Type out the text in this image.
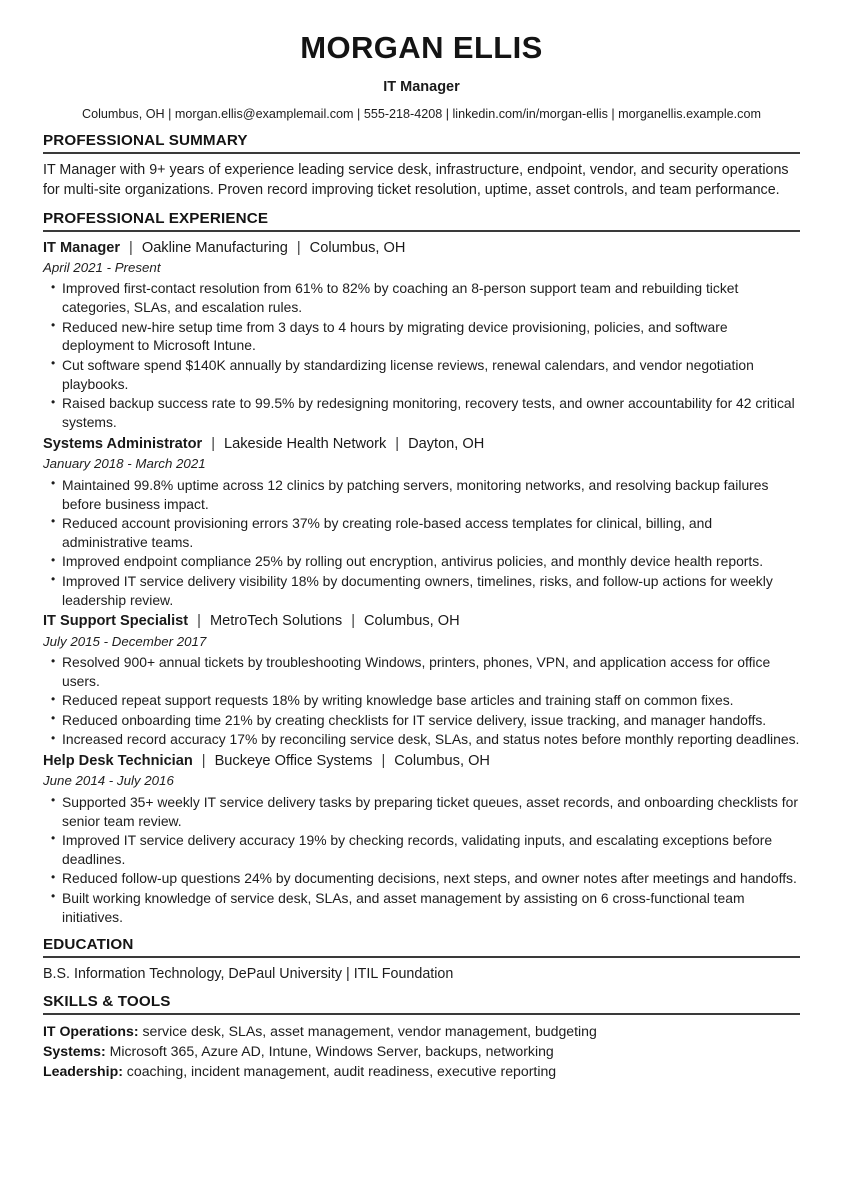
MORGAN ELLIS
IT Manager
Columbus, OH | morgan.ellis@examplemail.com | 555-218-4208 | linkedin.com/in/morgan-ellis | morganellis.example.com
PROFESSIONAL SUMMARY

IT Manager with 9+ years of experience leading service desk, infrastructure, endpoint, vendor, and security operations for multi-site organizations. Proven record improving ticket resolution, uptime, asset controls, and team performance.

PROFESSIONAL EXPERIENCE
IT Manager | Oakline Manufacturing | Columbus, OH
April 2021 - Present
• Improved first-contact resolution from 61% to 82% by coaching an 8-person support team and rebuilding ticket categories, SLAs, and escalation rules.
• Reduced new-hire setup time from 3 days to 4 hours by migrating device provisioning, policies, and software deployment to Microsoft Intune.
• Cut software spend $140K annually by standardizing license reviews, renewal calendars, and vendor negotiation playbooks.
• Raised backup success rate to 99.5% by redesigning monitoring, recovery tests, and owner accountability for 42 critical systems.
Systems Administrator | Lakeside Health Network | Dayton, OH
January 2018 - March 2021
• Maintained 99.8% uptime across 12 clinics by patching servers, monitoring networks, and resolving backup failures before business impact.
• Reduced account provisioning errors 37% by creating role-based access templates for clinical, billing, and administrative teams.
• Improved endpoint compliance 25% by rolling out encryption, antivirus policies, and monthly device health reports.
• Improved IT service delivery visibility 18% by documenting owners, timelines, risks, and follow-up actions for weekly leadership review.
IT Support Specialist | MetroTech Solutions | Columbus, OH
July 2015 - December 2017
• Resolved 900+ annual tickets by troubleshooting Windows, printers, phones, VPN, and application access for office users.
• Reduced repeat support requests 18% by writing knowledge base articles and training staff on common fixes.
• Reduced onboarding time 21% by creating checklists for IT service delivery, issue tracking, and manager handoffs.
• Increased record accuracy 17% by reconciling service desk, SLAs, and status notes before monthly reporting deadlines.
Help Desk Technician | Buckeye Office Systems | Columbus, OH
June 2014 - July 2016
• Supported 35+ weekly IT service delivery tasks by preparing ticket queues, asset records, and onboarding checklists for senior team review.
• Improved IT service delivery accuracy 19% by checking records, validating inputs, and escalating exceptions before deadlines.
• Reduced follow-up questions 24% by documenting decisions, next steps, and owner notes after meetings and handoffs.
• Built working knowledge of service desk, SLAs, and asset management by assisting on 6 cross-functional team initiatives.
EDUCATION
B.S. Information Technology, DePaul University | ITIL Foundation
SKILLS & TOOLS
IT Operations: service desk, SLAs, asset management, vendor management, budgeting
Systems: Microsoft 365, Azure AD, Intune, Windows Server, backups, networking
Leadership: coaching, incident management, audit readiness, executive reporting
